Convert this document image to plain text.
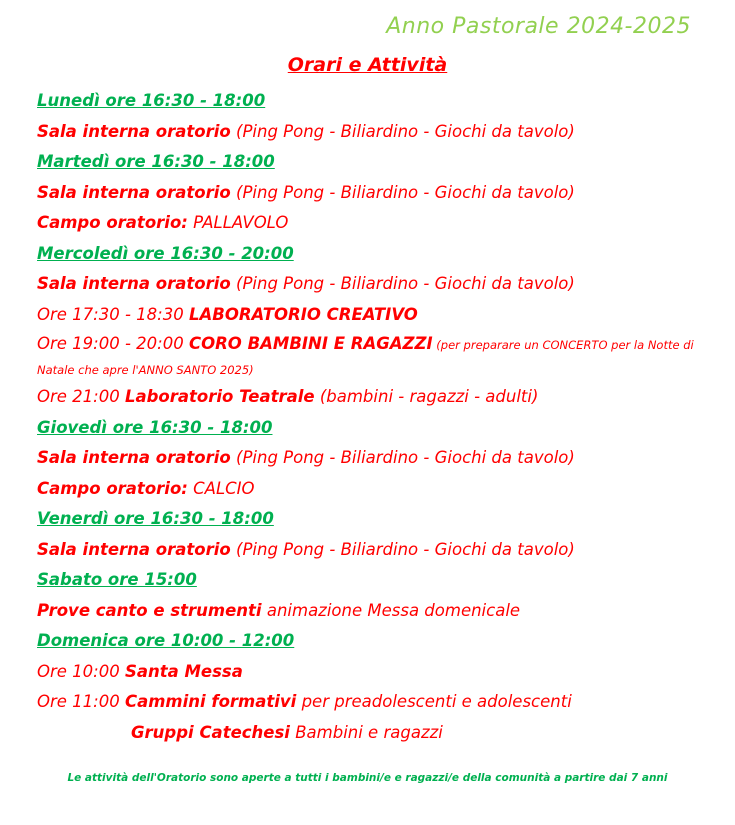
Anno Pastorale 2024-2025
Orari e Attività
Lunedì ore 16:30 - 18:00
Sala interna oratorio (Ping Pong - Biliardino - Giochi da tavolo)
Martedì ore 16:30 - 18:00
Sala interna oratorio (Ping Pong - Biliardino - Giochi da tavolo)
Campo oratorio: PALLAVOLO
Mercoledì ore 16:30 - 20:00
Sala interna oratorio (Ping Pong - Biliardino - Giochi da tavolo)
Ore 17:30 - 18:30 LABORATORIO CREATIVO
Ore 19:00 - 20:00 CORO BAMBINI E RAGAZZI (per preparare un CONCERTO per la Notte di Natale che apre l'ANNO SANTO 2025)
Ore 21:00 Laboratorio Teatrale (bambini - ragazzi - adulti)
Giovedì ore 16:30 - 18:00
Sala interna oratorio (Ping Pong - Biliardino - Giochi da tavolo)
Campo oratorio: CALCIO
Venerdì ore 16:30 - 18:00
Sala interna oratorio (Ping Pong - Biliardino - Giochi da tavolo)
Sabato ore 15:00
Prove canto e strumenti animazione Messa domenicale
Domenica ore 10:00 - 12:00
Ore 10:00 Santa Messa
Ore 11:00 Cammini formativi per preadolescenti e adolescenti
Gruppi Catechesi Bambini e ragazzi
Le attività dell'Oratorio sono aperte a tutti i bambini/e e ragazzi/e della comunità a partire dai 7 anni
